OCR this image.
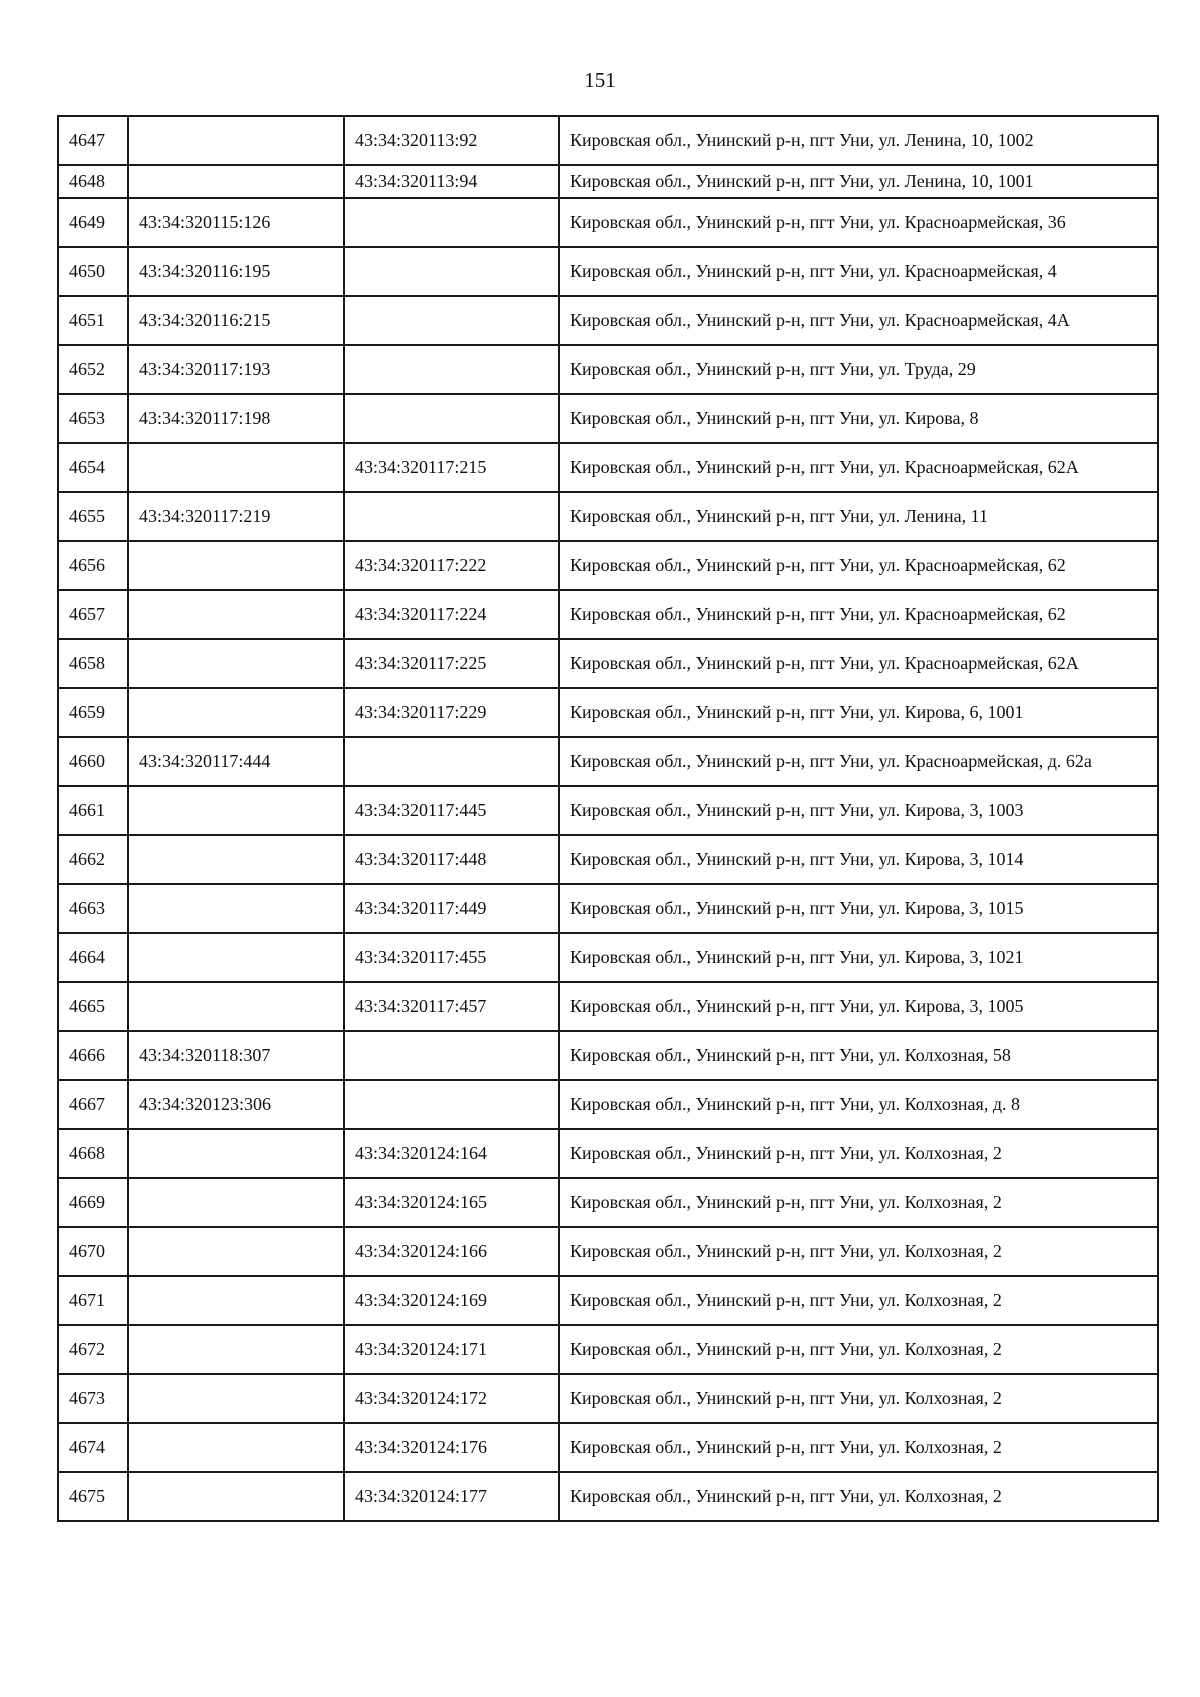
151
4647		43:34:320113:92	Кировская обл., Унинский р-н, пгт Уни, ул. Ленина, 10, 1002
4648		43:34:320113:94	Кировская обл., Унинский р-н, пгт Уни, ул. Ленина, 10, 1001
4649	43:34:320115:126		Кировская обл., Унинский р-н, пгт Уни, ул. Красноармейская, 36
4650	43:34:320116:195		Кировская обл., Унинский р-н, пгт Уни, ул. Красноармейская, 4
4651	43:34:320116:215		Кировская обл., Унинский р-н, пгт Уни, ул. Красноармейская, 4А
4652	43:34:320117:193		Кировская обл., Унинский р-н, пгт Уни, ул. Труда, 29
4653	43:34:320117:198		Кировская обл., Унинский р-н, пгт Уни, ул. Кирова, 8
4654		43:34:320117:215	Кировская обл., Унинский р-н, пгт Уни, ул. Красноармейская, 62А
4655	43:34:320117:219		Кировская обл., Унинский р-н, пгт Уни, ул. Ленина, 11
4656		43:34:320117:222	Кировская обл., Унинский р-н, пгт Уни, ул. Красноармейская, 62
4657		43:34:320117:224	Кировская обл., Унинский р-н, пгт Уни, ул. Красноармейская, 62
4658		43:34:320117:225	Кировская обл., Унинский р-н, пгт Уни, ул. Красноармейская, 62А
4659		43:34:320117:229	Кировская обл., Унинский р-н, пгт Уни, ул. Кирова, 6, 1001
4660	43:34:320117:444		Кировская обл., Унинский р-н, пгт Уни, ул. Красноармейская, д. 62а
4661		43:34:320117:445	Кировская обл., Унинский р-н, пгт Уни, ул. Кирова, 3, 1003
4662		43:34:320117:448	Кировская обл., Унинский р-н, пгт Уни, ул. Кирова, 3, 1014
4663		43:34:320117:449	Кировская обл., Унинский р-н, пгт Уни, ул. Кирова, 3, 1015
4664		43:34:320117:455	Кировская обл., Унинский р-н, пгт Уни, ул. Кирова, 3, 1021
4665		43:34:320117:457	Кировская обл., Унинский р-н, пгт Уни, ул. Кирова, 3, 1005
4666	43:34:320118:307		Кировская обл., Унинский р-н, пгт Уни, ул. Колхозная, 58
4667	43:34:320123:306		Кировская обл., Унинский р-н, пгт Уни, ул. Колхозная, д. 8
4668		43:34:320124:164	Кировская обл., Унинский р-н, пгт Уни, ул. Колхозная, 2
4669		43:34:320124:165	Кировская обл., Унинский р-н, пгт Уни, ул. Колхозная, 2
4670		43:34:320124:166	Кировская обл., Унинский р-н, пгт Уни, ул. Колхозная, 2
4671		43:34:320124:169	Кировская обл., Унинский р-н, пгт Уни, ул. Колхозная, 2
4672		43:34:320124:171	Кировская обл., Унинский р-н, пгт Уни, ул. Колхозная, 2
4673		43:34:320124:172	Кировская обл., Унинский р-н, пгт Уни, ул. Колхозная, 2
4674		43:34:320124:176	Кировская обл., Унинский р-н, пгт Уни, ул. Колхозная, 2
4675		43:34:320124:177	Кировская обл., Унинский р-н, пгт Уни, ул. Колхозная, 2
